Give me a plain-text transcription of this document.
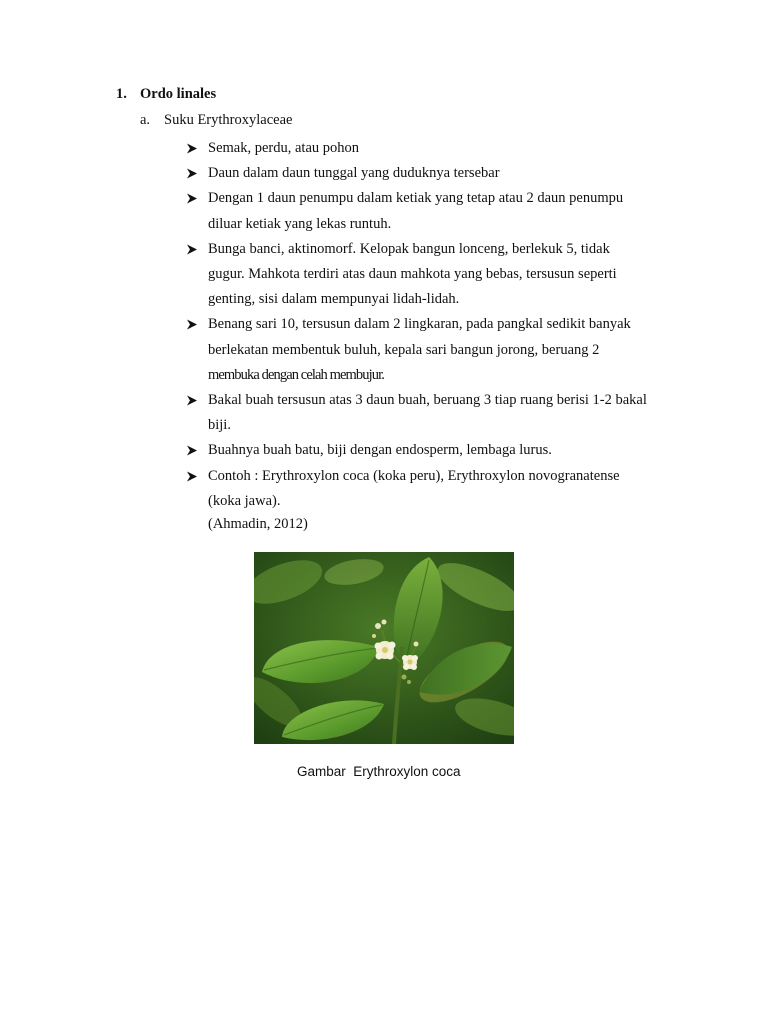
1. Ordo linales
a. Suku Erythroxylaceae
Semak, perdu, atau pohon
Daun dalam daun tunggal yang duduknya tersebar
Dengan 1 daun penumpu dalam ketiak yang tetap atau 2 daun penumpu
diluar ketiak yang lekas runtuh.
Bunga banci, aktinomorf. Kelopak bangun lonceng, berlekuk 5, tidak
gugur. Mahkota terdiri atas daun mahkota yang bebas, tersusun seperti
genting, sisi dalam mempunyai lidah-lidah.
Benang sari 10, tersusun dalam 2 lingkaran, pada pangkal sedikit banyak
berlekatan membentuk buluh, kepala sari bangun jorong, beruang 2
membuka dengan celah membujur.
Bakal buah tersusun atas 3 daun buah, beruang 3 tiap ruang berisi 1-2 bakal
biji.
Buahnya buah batu, biji dengan endosperm, lembaga lurus.
Contoh : Erythroxylon coca (koka peru), Erythroxylon novogranatense
(koka jawa).
(Ahmadin, 2012)
Gambar  Erythroxylon coca
